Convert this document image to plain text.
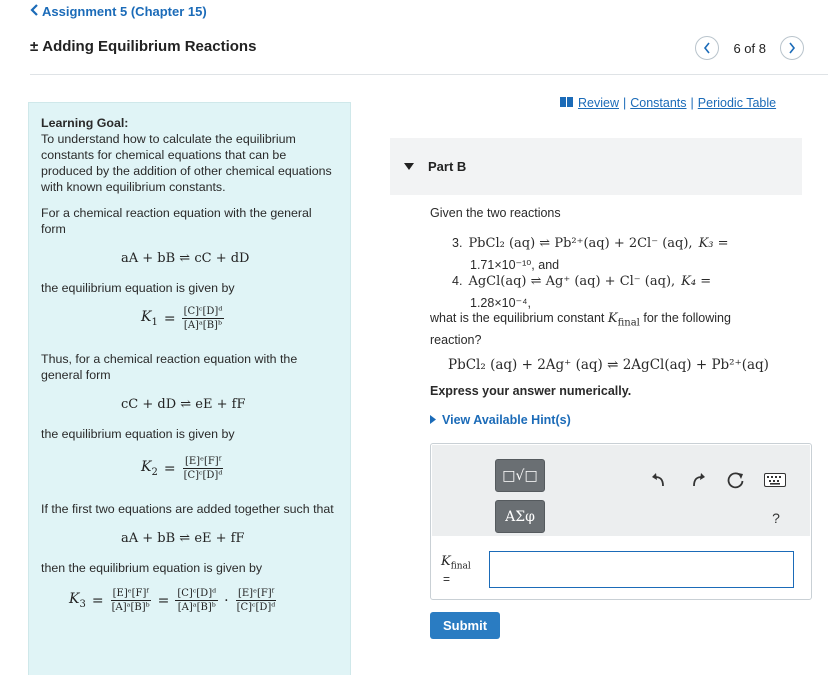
Assignment 5 (Chapter 15)
± Adding Equilibrium Reactions	6 of 8

Learning Goal:

To understand how to calculate the equilibrium constants for chemical equations that can be produced by the addition of other chemical equations with known equilibrium constants.

For a chemical reaction equation with the general form

aA + bB ⇌ cC + dD

the equilibrium equation is given by

$K_1 = \frac{\text{[C]ᶜ[D]ᵈ}}{\text{[A]ᵃ[B]ᵇ}}$

Thus, for a chemical reaction equation with the general form

cC + dD ⇌ eE + fF

the equilibrium equation is given by

$K_2 = \frac{\text{[E]ᵉ[F]ᶠ}}{\text{[C]ᶜ[D]ᵈ}}$

If the first two equations are added together such that

aA + bB ⇌ eE + fF

then the equilibrium equation is given by

$K_3 = \frac{\text{[E]ᵉ[F]ᶠ}}{\text{[A]ᵃ[B]ᵇ}} = \frac{\text{[C]ᶜ[D]ᵈ}}{\text{[A]ᵃ[B]ᵇ}} \cdot \frac{\text{[E]ᵉ[F]ᶠ}}{\text{[C]ᶜ[D]ᵈ}}$
Review | Constants | Periodic Table
Part B
Given the two reactions
3. PbCl₂ (aq) ⇌ Pb²⁺(aq) + 2Cl⁻ (aq), K₃ =
1.71×10⁻¹⁰, and
4. AgCl(aq) ⇌ Ag⁺ (aq) + Cl⁻ (aq), K₄ =
1.28×10⁻⁴,
what is the equilibrium constant $K_{final}$ for the following reaction?
PbCl₂ (aq) + 2Ag⁺ (aq) ⇌ 2AgCl(aq) + Pb²⁺(aq)
Express your answer numerically.
View Available Hint(s)
□√□
ΑΣφ	?
$K_{final}$
=
Submit
